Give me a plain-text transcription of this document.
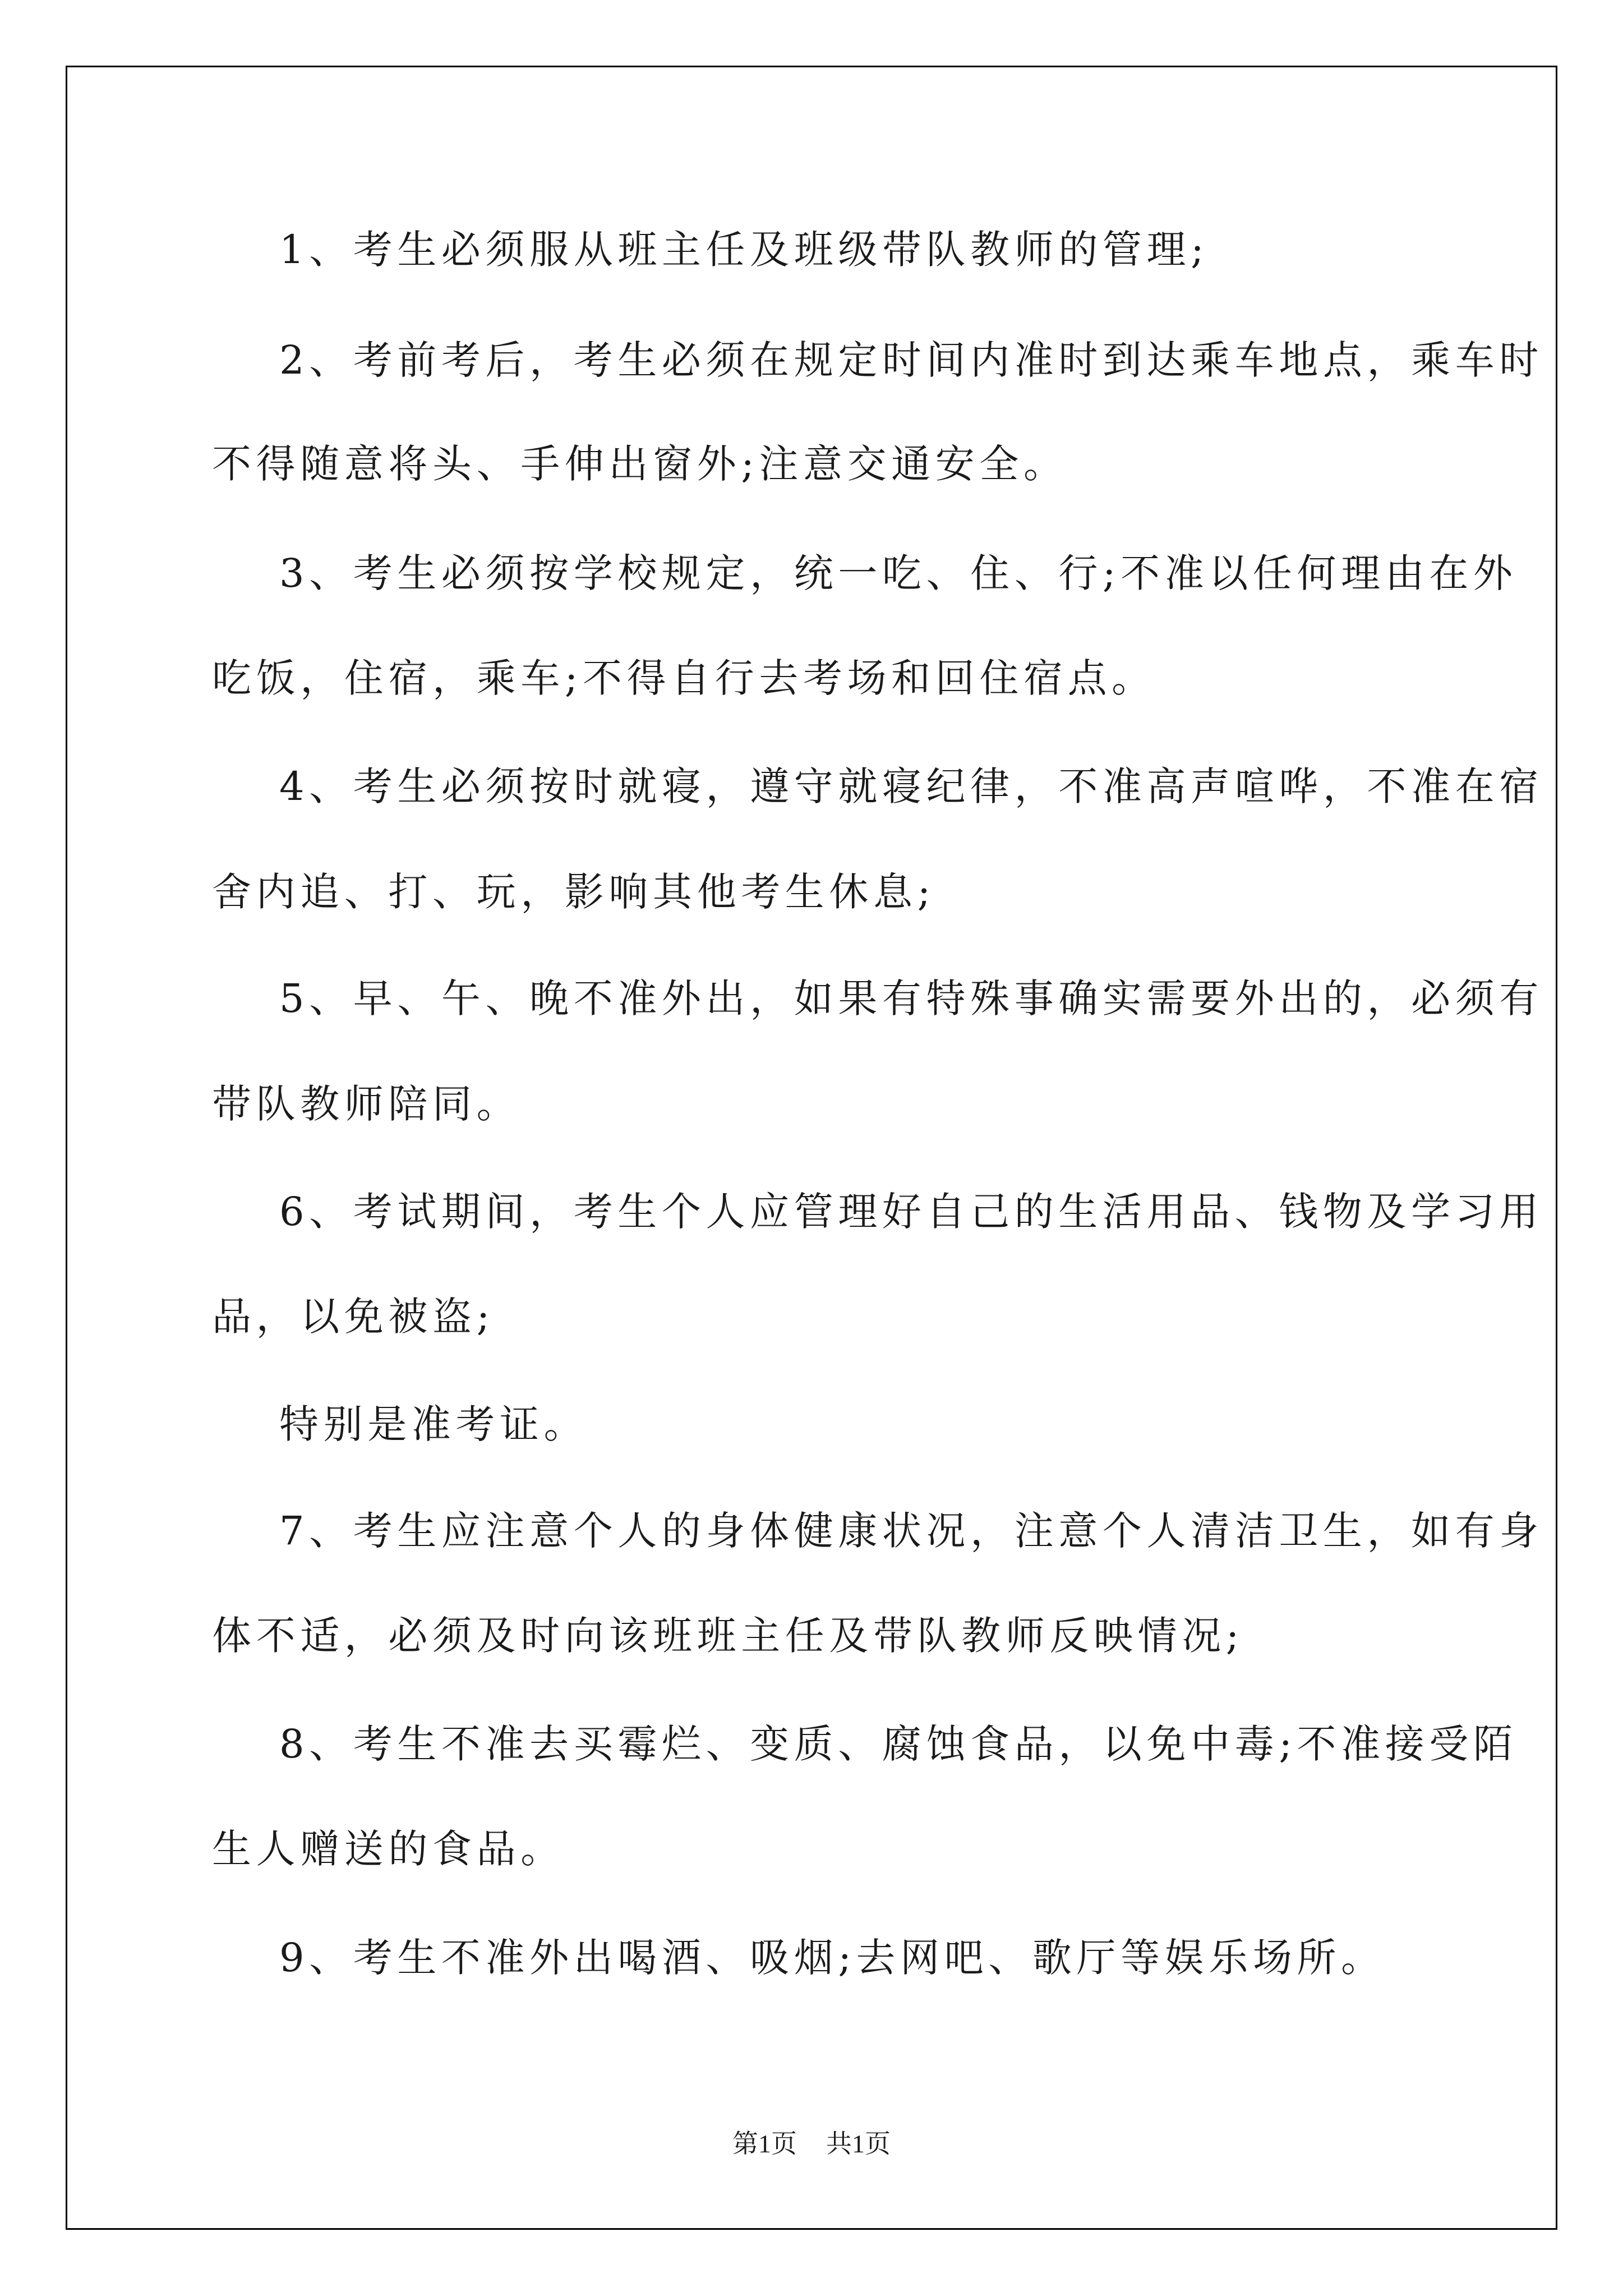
1、考生必须服从班主任及班级带队教师的管理;
2、考前考后，考生必须在规定时间内准时到达乘车地点，乘车时
不得随意将头、手伸出窗外;注意交通安全。
3、考生必须按学校规定，统一吃、住、行;不准以任何理由在外
吃饭，住宿，乘车;不得自行去考场和回住宿点。
4、考生必须按时就寝，遵守就寝纪律，不准高声喧哗，不准在宿
舍内追、打、玩，影响其他考生休息;
5、早、午、晚不准外出，如果有特殊事确实需要外出的，必须有
带队教师陪同。
6、考试期间，考生个人应管理好自己的生活用品、钱物及学习用
品，以免被盗;
特别是准考证。
7、考生应注意个人的身体健康状况，注意个人清洁卫生，如有身
体不适，必须及时向该班班主任及带队教师反映情况;
8、考生不准去买霉烂、变质、腐蚀食品，以免中毒;不准接受陌
生人赠送的食品。
9、考生不准外出喝酒、吸烟;去网吧、歌厅等娱乐场所。
第1页 共1页
